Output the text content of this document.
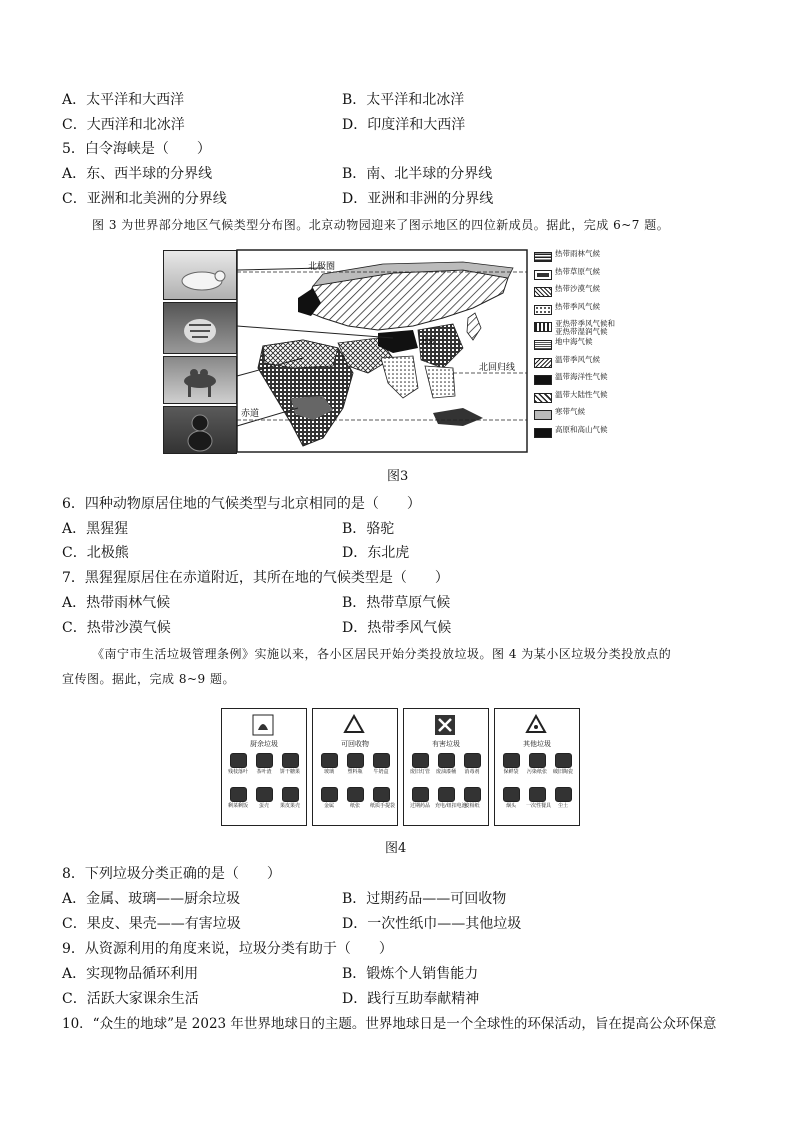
A．太平洋和大西洋	B．太平洋和北冰洋
C．大西洋和北冰洋	D．印度洋和大西洋
5．白令海峡是（　　）
A．东、西半球的分界线	B．南、北半球的分界线
C．亚洲和北美洲的分界线	D．亚洲和非洲的分界线
图 3 为世界部分地区气候类型分布图。北京动物园迎来了图示地区的四位新成员。据此，完成 6~7 题。
北极圈
北回归线
赤道
北京
热带雨林气候
热带草原气候
热带沙漠气候
热带季风气候
亚热带季风气候和亚热带湿润气候
地中海气候
温带季风气候
温带海洋性气候
温带大陆性气候
寒带气候
高原和高山气候
图3
6．四种动物原居住地的气候类型与北京相同的是（　　）
A．黑猩猩	B．骆驼
C．北极熊	D．东北虎
7．黑猩猩原居住在赤道附近，其所在地的气候类型是（　　）
A．热带雨林气候	B．热带草原气候
C．热带沙漠气候	D．热带季风气候
《南宁市生活垃圾管理条例》实施以来，各小区居民开始分类投放垃圾。图 4 为某小区垃圾分类投放点的
宣传图。据此，完成 8~9 题。
厨余垃圾
残枝落叶	茶叶渣	饼干糖果
剩菜剩饭	蛋壳	果皮果壳
可回收物
玻璃	塑料瓶	牛奶盒
金属	纸张	纸质手提袋
有害垃圾
废旧灯管 废油漆桶	消毒剂
过期药品 充电/纽扣电池
废相纸
其他垃圾
保鲜袋	污染纸张 破旧陶瓷
烟头	一次性餐具	尘土
图4
8．下列垃圾分类正确的是（　　）
A．金属、玻璃——厨余垃圾	B．过期药品——可回收物
C．果皮、果壳——有害垃圾	D．一次性纸巾——其他垃圾
9．从资源利用的角度来说，垃圾分类有助于（　　）
A．实现物品循环利用	B．锻炼个人销售能力
C．活跃大家课余生活	D．践行互助奉献精神
10．“众生的地球”是 2023 年世界地球日的主题。世界地球日是一个全球性的环保活动，旨在提高公众环保意
